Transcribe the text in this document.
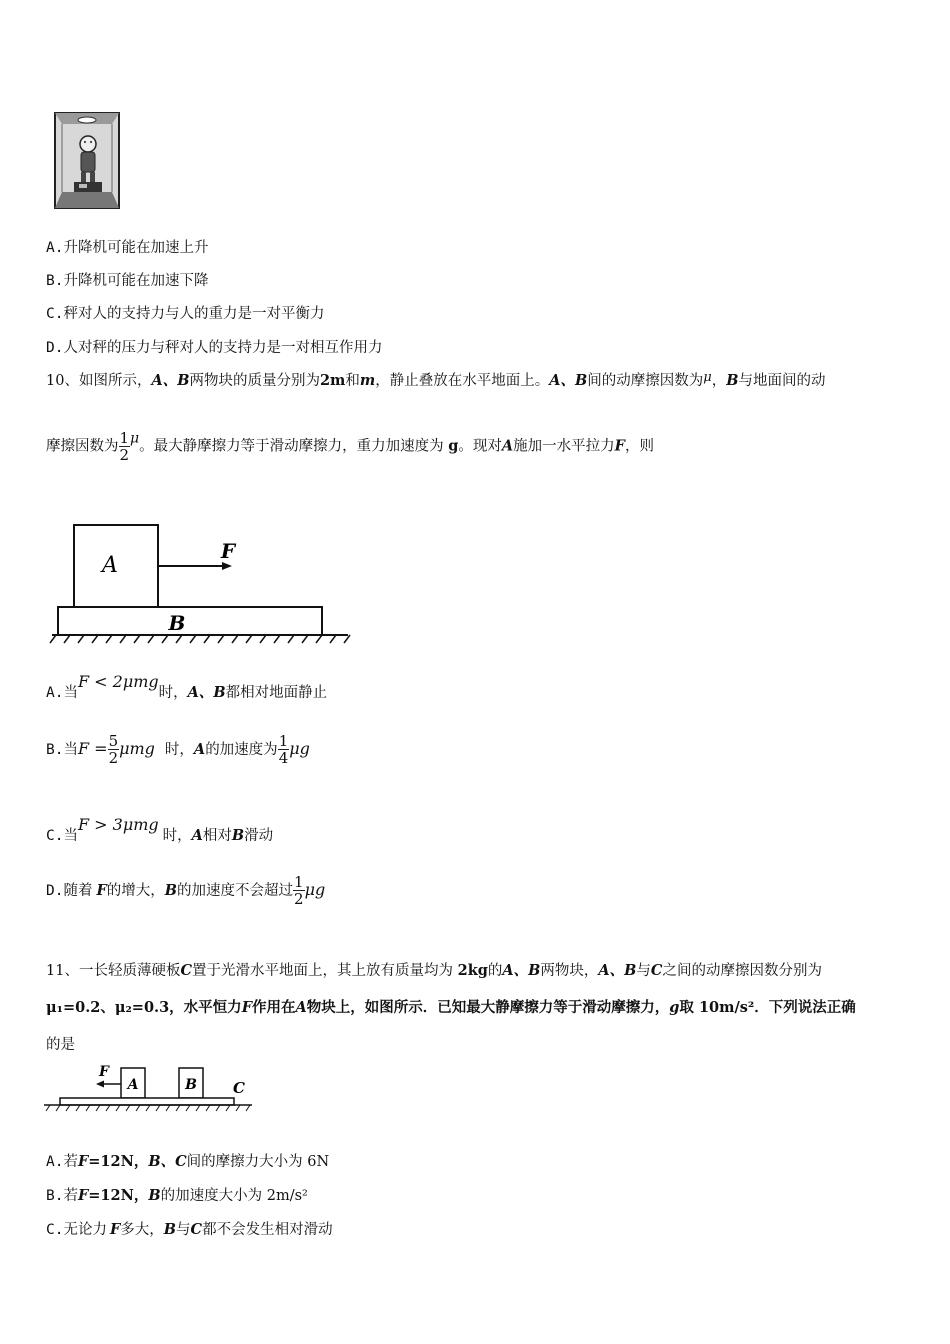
A.升降机可能在加速上升
B.升降机可能在加速下降
C.秤对人的支持力与人的重力是一对平衡力
D.人对秤的压力与秤对人的支持力是一对相互作用力
10、如图所示，A、B两物块的质量分别为2m和m，静止叠放在水平地面上。A、B间的动摩擦因数为μ，B与地面间的动
摩擦因数为 $\frac{1}{2}$ μ。最大静摩擦力等于滑动摩擦力，重力加速度为 g。现对A施加一水平拉力F，则
A
B
F
A.当F < 2μmg时，A、B都相对地面静止
B.当$F = \frac{5}{2}$ μmg 时，A的加速度为 $\frac{1}{4}$ μg
C.当F > 3μmg时，A相对B滑动
D.随着 F的增大，B的加速度不会超过 $\frac{1}{2}$ μg
11、一长轻质薄硬板C置于光滑水平地面上，其上放有质量均为 2kg的A、B两物块，A、B与C之间的动摩擦因数分别为
μ₁=0.2、μ₂=0.3，水平恒力F作用在A物块上，如图所示．已知最大静摩擦力等于滑动摩擦力，g取 10m/s²．下列说法正确
的是
A	B C
F
A.若F=12N，B、C间的摩擦力大小为 6N
B.若F=12N，B的加速度大小为 2m/s²
C.无论力 F多大，B与C都不会发生相对滑动
